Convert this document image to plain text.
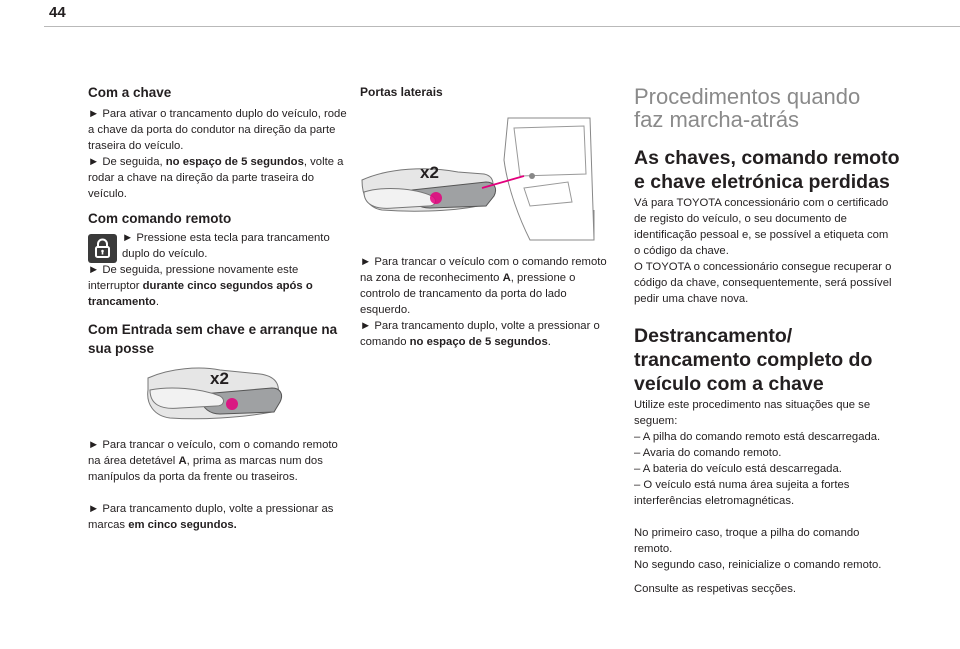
44
Com a chave
► Para ativar o trancamento duplo do veículo, rode a chave da porta do condutor na direção da parte traseira do veículo.
► De seguida, no espaço de 5 segundos, volte a rodar a chave na direção da parte traseira do veículo.
Com comando remoto
► Pressione esta tecla para trancamento duplo do veículo.
► De seguida, pressione novamente este interruptor durante cinco segundos após o trancamento.
Com Entrada sem chave e arranque na sua posse
x2
► Para trancar o veículo, com o comando remoto na área detetável A, prima as marcas num dos manípulos da porta da frente ou traseiros.
► Para trancamento duplo, volte a pressionar as marcas em cinco segundos.
Portas laterais
x2
► Para trancar o veículo com o comando remoto na zona de reconhecimento A, pressione o controlo de trancamento da porta do lado esquerdo.
► Para trancamento duplo, volte a pressionar o comando no espaço de 5 segundos.
Procedimentos quando faz marcha-atrás
As chaves, comando remoto e chave eletrónica perdidas
Vá para TOYOTA concessionário com o certificado de registo do veículo, o seu documento de identificação pessoal e, se possível a etiqueta com o código da chave.
O TOYOTA o concessionário consegue recuperar o código da chave, consequentemente, será possível pedir uma chave nova.
Destrancamento/ trancamento completo do veículo com a chave
Utilize este procedimento nas situações que se seguem:
– A pilha do comando remoto está descarregada.
– Avaria do comando remoto.
– A bateria do veículo está descarregada.
– O veículo está numa área sujeita a fortes interferências eletromagnéticas.
No primeiro caso, troque a pilha do comando remoto.
No segundo caso, reinicialize o comando remoto.
Consulte as respetivas secções.
